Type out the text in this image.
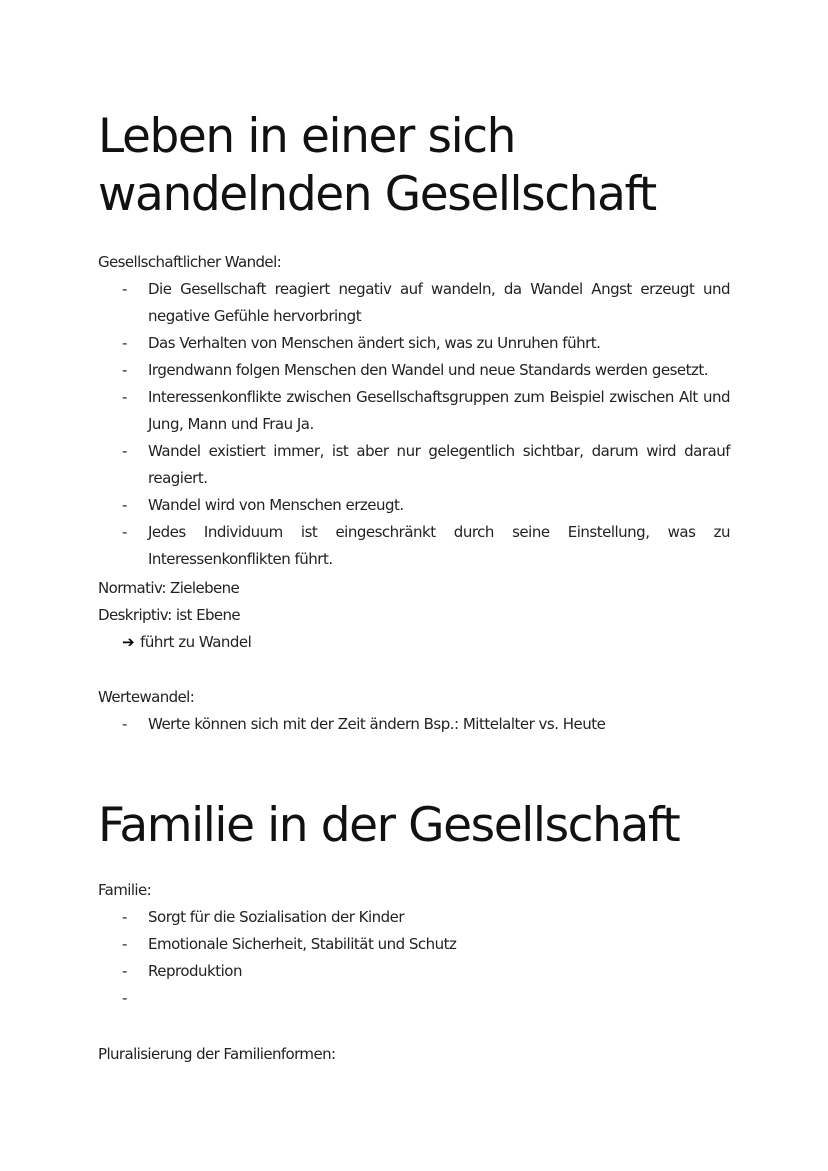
Leben in einer sich wandelnden Gesellschaft

Gesellschaftlicher Wandel:

- Die Gesellschaft reagiert negativ auf wandeln, da Wandel Angst erzeugt und negative Gefühle hervorbringt
- Das Verhalten von Menschen ändert sich, was zu Unruhen führt.
- Irgendwann folgen Menschen den Wandel und neue Standards werden gesetzt.
- Interessenkonflikte zwischen Gesellschaftsgruppen zum Beispiel zwischen Alt und Jung, Mann und Frau Ja.
- Wandel existiert immer, ist aber nur gelegentlich sichtbar, darum wird darauf reagiert.
- Wandel wird von Menschen erzeugt.
- Jedes Individuum ist eingeschränkt durch seine Einstellung, was zu Interessenkonflikten führt.

Normativ: Zielebene

Deskriptiv: ist Ebene

➔ führt zu Wandel

Wertewandel:

- Werte können sich mit der Zeit ändern Bsp.: Mittelalter vs. Heute
Familie in der Gesellschaft

Familie:

- Sorgt für die Sozialisation der Kinder
- Emotionale Sicherheit, Stabilität und Schutz
- Reproduktion
-

Pluralisierung der Familienformen:
